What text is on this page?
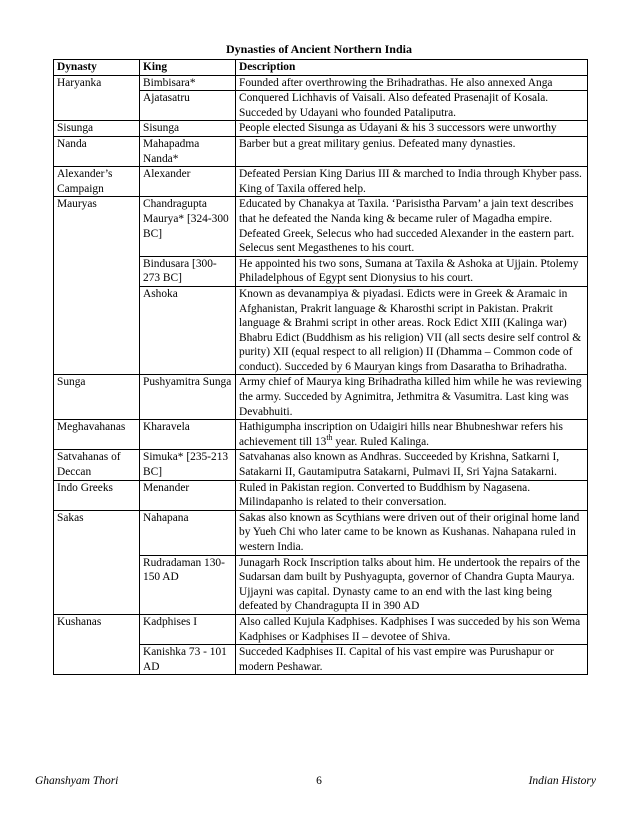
Dynasties of Ancient Northern India
Dynasty	King	Description
Haryanka	Bimbisara*	Founded after overthrowing the Brihadrathas. He also annexed Anga
	Ajatasatru	Conquered Lichhavis of Vaisali. Also defeated Prasenajit of Kosala. Succeded by Udayani who founded Pataliputra.
Sisunga	Sisunga	People elected Sisunga as Udayani & his 3 successors were unworthy
Nanda	Mahapadma Nanda*	Barber but a great military genius. Defeated many dynasties.
Alexander’s Campaign	Alexander	Defeated Persian King Darius III & marched to India through Khyber pass. King of Taxila offered help.
Mauryas	Chandragupta Maurya* [324-300 BC]	Educated by Chanakya at Taxila. ‘Parisistha Parvam’ a jain text describes that he defeated the Nanda king & became ruler of Magadha empire. Defeated Greek, Selecus who had succeded Alexander in the eastern part. Selecus sent Megasthenes to his court.
	Bindusara [300-273 BC]	He appointed his two sons, Sumana at Taxila & Ashoka at Ujjain. Ptolemy Philadelphous of Egypt sent Dionysius to his court.
	Ashoka	Known as devanampiya & piyadasi. Edicts were in Greek & Aramaic in Afghanistan, Prakrit language & Kharosthi script in Pakistan. Prakrit language & Brahmi script in other areas. Rock Edict XIII (Kalinga war) Bhabru Edict (Buddhism as his religion) VII (all sects desire self control & purity) XII (equal respect to all religion) II (Dhamma – Common code of conduct). Succeded by 6 Mauryan kings from Dasaratha to Brihadratha.
Sunga	Pushyamitra Sunga	Army chief of Maurya king Brihadratha killed him while he was reviewing the army. Succeded by Agnimitra, Jethmitra & Vasumitra. Last king was Devabhuiti.
Meghavahanas	Kharavela	Hathigumpha inscription on Udaigiri hills near Bhubneshwar refers his achievement till 13th year. Ruled Kalinga.
Satvahanas of Deccan	Simuka* [235-213 BC]	Satvahanas also known as Andhras. Succeeded by Krishna, Satkarni I, Satakarni II, Gautamiputra Satakarni, Pulmavi II, Sri Yajna Satakarni.
Indo Greeks	Menander	Ruled in Pakistan region. Converted to Buddhism by Nagasena. Milindapanho is related to their conversation.
Sakas	Nahapana	Sakas also known as Scythians were driven out of their original home land by Yueh Chi who later came to be known as Kushanas. Nahapana ruled in western India.
	Rudradaman 130-150 AD	Junagarh Rock Inscription talks about him. He undertook the repairs of the Sudarsan dam built by Pushyagupta, governor of Chandra Gupta Maurya. Ujjayni was capital. Dynasty came to an end with the last king being defeated by Chandragupta II in 390 AD
Kushanas	Kadphises I	Also called Kujula Kadphises. Kadphises I was succeded by his son Wema Kadphises or Kadphises II – devotee of Shiva.
	Kanishka 73 - 101 AD	Succeded Kadphises II. Capital of his vast empire was Purushapur or modern Peshawar.
Ghanshyam Thori	6	Indian History
